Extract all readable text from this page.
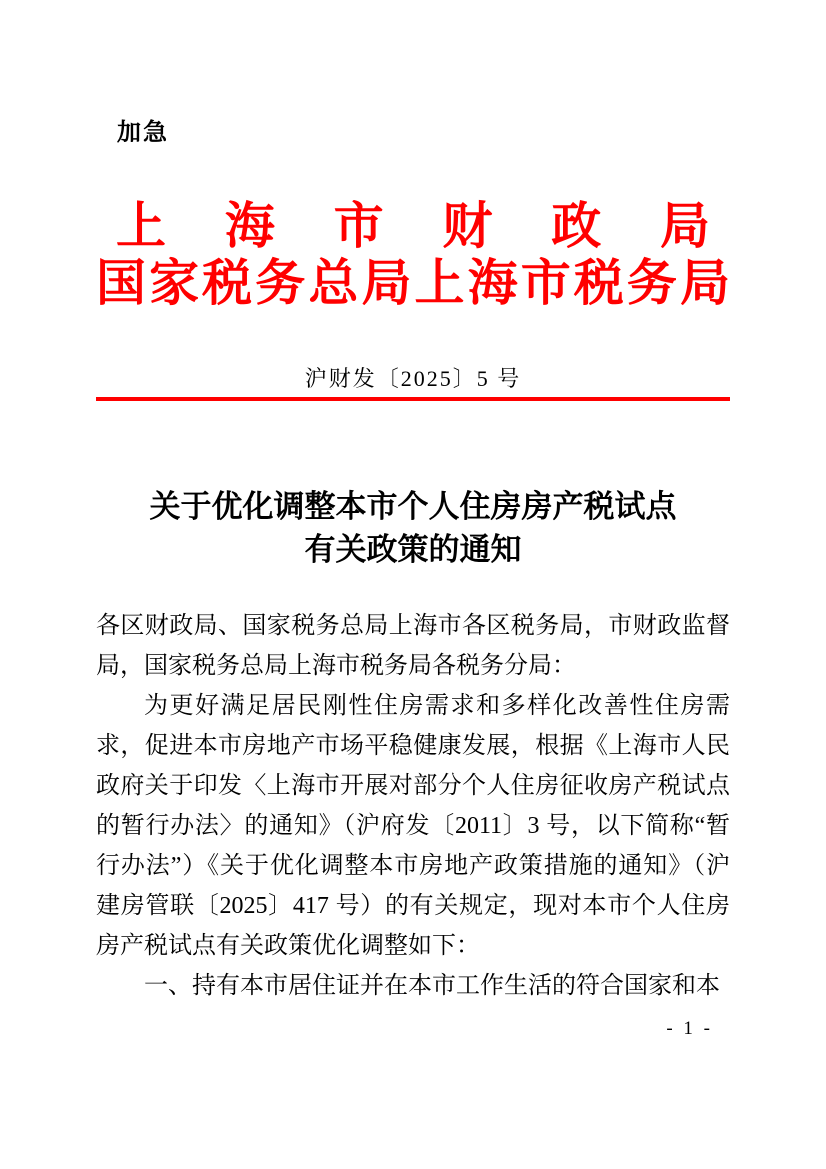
加急
上海市财政局
国家税务总局上海市税务局
沪财发〔2025〕5 号
关于优化调整本市个人住房房产税试点
有关政策的通知

各区财政局、国家税务总局上海市各区税务局，市财政监督局，国家税务总局上海市税务局各税务分局：

为更好满足居民刚性住房需求和多样化改善性住房需求，促进本市房地产市场平稳健康发展，根据《上海市人民政府关于印发〈上海市开展对部分个人住房征收房产税试点的暂行办法〉的通知》（沪府发〔2011〕3 号，以下简称“暂行办法”）《关于优化调整本市房地产政策措施的通知》（沪建房管联〔2025〕417 号）的有关规定，现对本市个人住房房产税试点有关政策优化调整如下：

一、持有本市居住证并在本市工作生活的符合国家和本

- 1 -
